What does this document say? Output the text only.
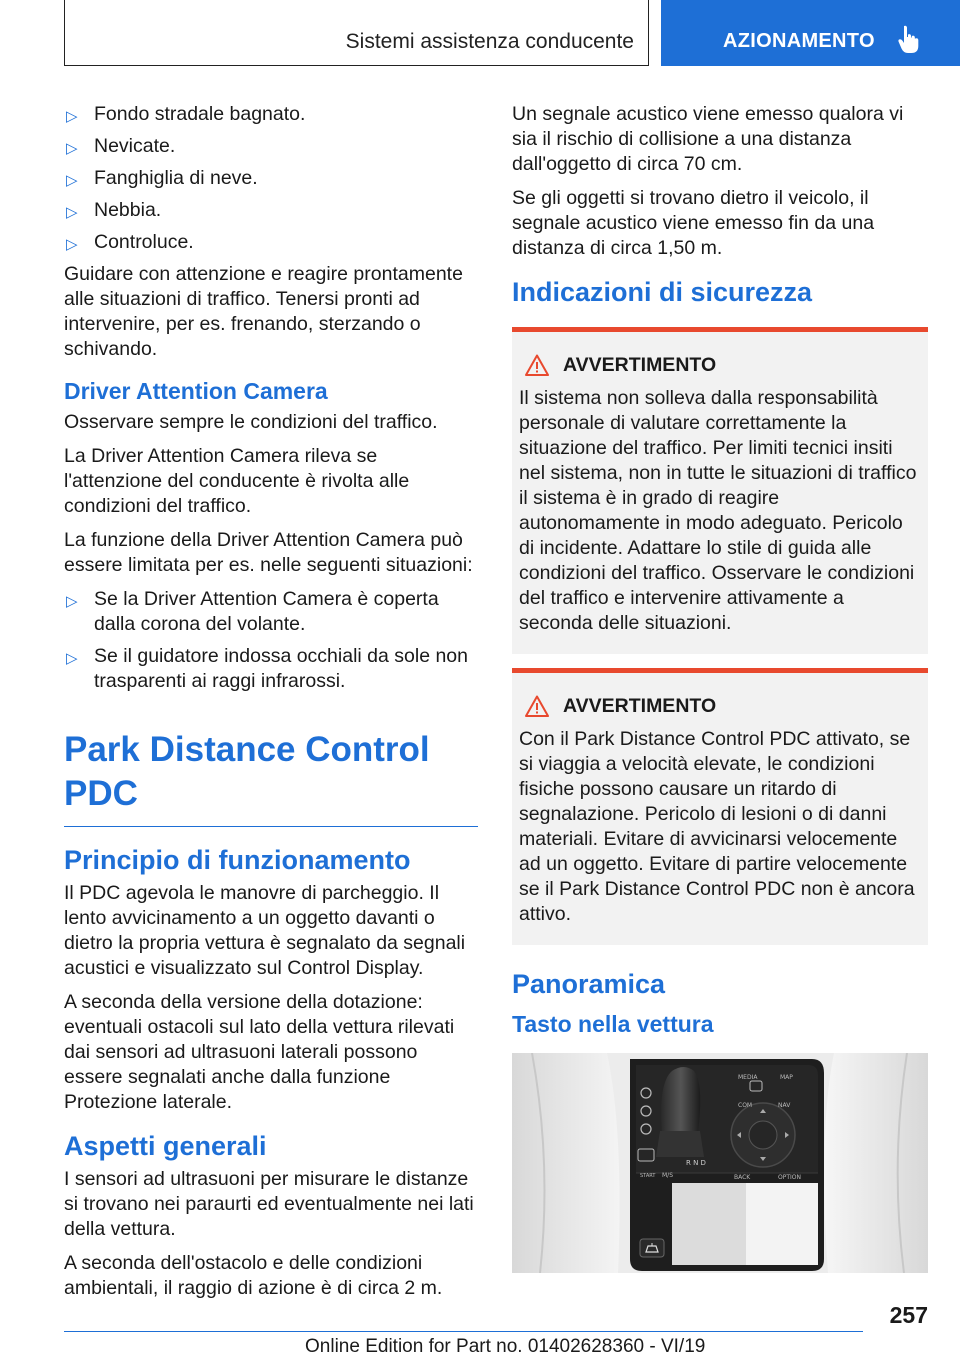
Sistemi assistenza conducente	AZIONAMENTO
▷ Fondo stradale bagnato.
▷ Nevicate.
▷ Fanghiglia di neve.
▷ Nebbia.
▷ Controluce.

Guidare con attenzione e reagire prontamente alle situazioni di traffico. Tenersi pronti ad intervenire, per es. frenando, sterzando o schivando.

Driver Attention Camera

Osservare sempre le condizioni del traffico.

La Driver Attention Camera rileva se l'attenzione del conducente è rivolta alle condizioni del traffico.

La funzione della Driver Attention Camera può essere limitata per es. nelle seguenti situazioni:

▷ Se la Driver Attention Camera è coperta dalla corona del volante.
▷ Se il guidatore indossa occhiali da sole non trasparenti ai raggi infrarossi.
Park Distance Control PDC
Principio di funzionamento

Il PDC agevola le manovre di parcheggio. Il lento avvicinamento a un oggetto davanti o dietro la propria vettura è segnalato da segnali acustici e visualizzato sul Control Display.

A seconda della versione della dotazione: eventuali ostacoli sul lato della vettura rilevati dai sensori ad ultrasuoni laterali possono essere segnalati anche dalla funzione Protezione laterale.

Aspetti generali

I sensori ad ultrasuoni per misurare le distanze si trovano nei paraurti ed eventualmente nei lati della vettura.

A seconda dell'ostacolo e delle condizioni ambientali, il raggio di azione è di circa 2 m.

Un segnale acustico viene emesso qualora vi sia il rischio di collisione a una distanza dall'oggetto di circa 70 cm.

Se gli oggetti si trovano dietro il veicolo, il segnale acustico viene emesso fin da una distanza di circa 1,50 m.

Indicazioni di sicurezza
AVVERTIMENTO

Il sistema non solleva dalla responsabilità personale di valutare correttamente la situazione del traffico. Per limiti tecnici insiti nel sistema, non in tutte le situazioni di traffico il sistema è in grado di reagire autonomamente in modo adeguato. Pericolo di incidente. Adattare lo stile di guida alle condizioni del traffico. Osservare le condizioni del traffico e intervenire attivamente a seconda delle situazioni.

AVVERTIMENTO

Con il Park Distance Control PDC attivato, se si viaggia a velocità elevate, le condizioni fisiche possono causare un ritardo di segnalazione. Pericolo di lesioni o di danni materiali. Evitare di avvicinarsi velocemente ad un oggetto. Evitare di partire velocemente se il Park Distance Control PDC non è ancora attivo.

Panoramica
Tasto nella vettura
MEDIA
COM	NAV
MAP
BACK	OPTION
R N D
M/S
START
257
Online Edition for Part no. 01402628360 - VI/19
